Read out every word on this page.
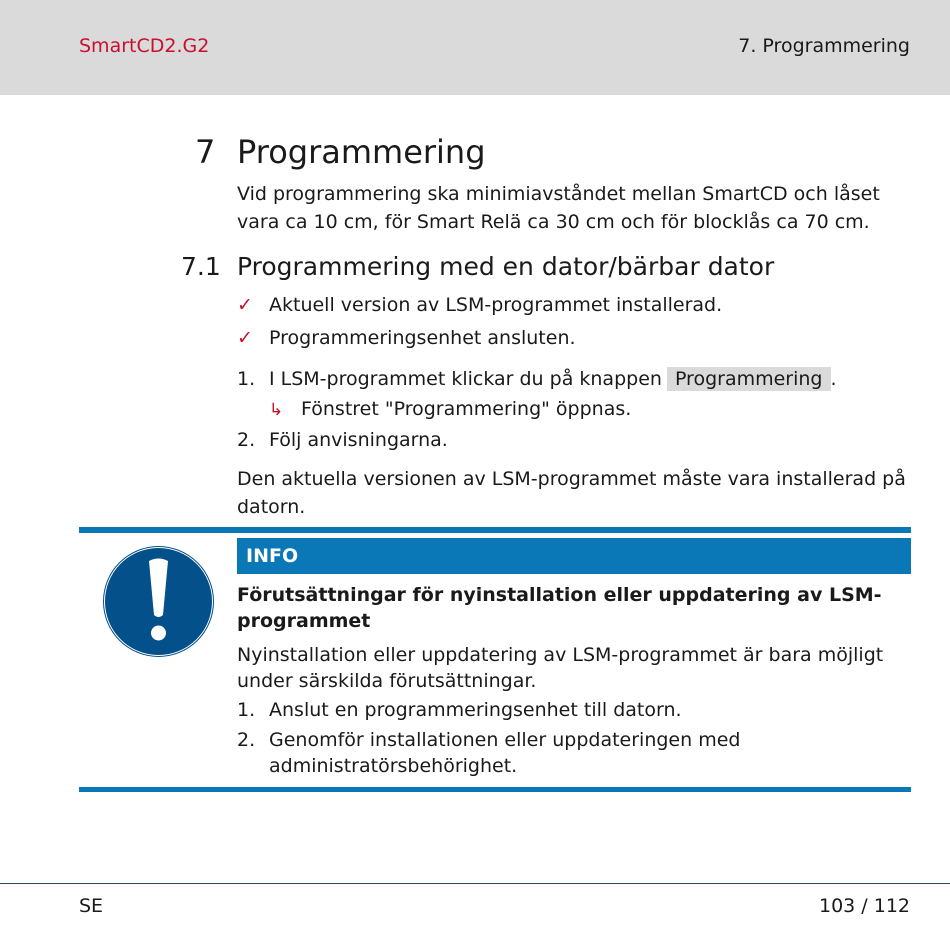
SmartCD2.G2	7. Programmering
7 Programmering
Vid programmering ska minimiavståndet mellan SmartCD och låset vara ca 10 cm, för Smart Relä ca 30 cm och för blocklås ca 70 cm.
7.1 Programmering med en dator/bärbar dator
✓ Aktuell version av LSM-programmet installerad.
✓ Programmeringsenhet ansluten.
1. I LSM-programmet klickar du på knappen Programmering .
↳ Fönstret "Programmering" öppnas.
2. Följ anvisningarna.
Den aktuella versionen av LSM-programmet måste vara installerad på datorn.
INFO
Förutsättningar för nyinstallation eller uppdatering av LSM-programmet
Nyinstallation eller uppdatering av LSM-programmet är bara möjligt under särskilda förutsättningar.
1. Anslut en programmeringsenhet till datorn.
2. Genomför installationen eller uppdateringen med administratörsbehörighet.
SE	103 / 112
